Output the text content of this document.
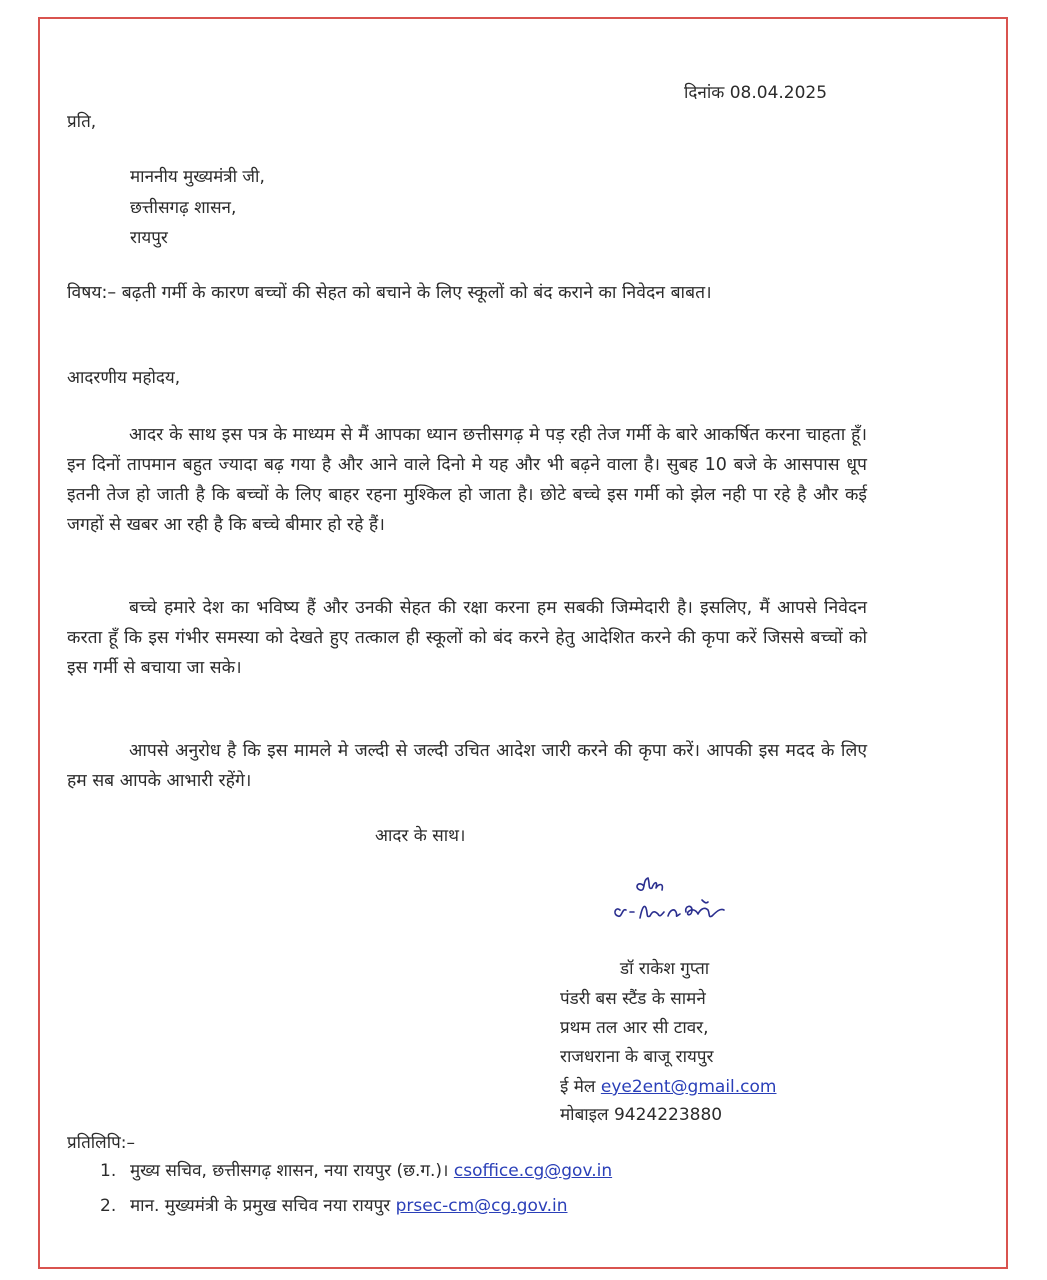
दिनांक 08.04.2025
प्रति,
माननीय मुख्यमंत्री जी,
छत्तीसगढ़ शासन,
रायपुर
विषय:– बढ़ती गर्मी के कारण बच्चों की सेहत को बचाने के लिए स्कूलों को बंद कराने का निवेदन बाबत।
आदरणीय महोदय,
आदर के साथ इस पत्र के माध्यम से मैं आपका ध्यान छत्तीसगढ़ मे पड़ रही तेज गर्मी के बारे आकर्षित करना चाहता हूँ। इन दिनों तापमान बहुत ज्यादा बढ़ गया है और आने वाले दिनो मे यह और भी बढ़ने वाला है। सुबह 10 बजे के आसपास धूप इतनी तेज हो जाती है कि बच्चों के लिए बाहर रहना मुश्किल हो जाता है। छोटे बच्चे इस गर्मी को झेल नही पा रहे है और कई जगहों से खबर आ रही है कि बच्चे बीमार हो रहे हैं।
बच्चे हमारे देश का भविष्य हैं और उनकी सेहत की रक्षा करना हम सबकी जिम्मेदारी है। इसलिए, मैं आपसे निवेदन करता हूँ कि इस गंभीर समस्या को देखते हुए तत्काल ही स्कूलों को बंद करने हेतु आदेशित करने की कृपा करें जिससे बच्चों को इस गर्मी से बचाया जा सके।
आपसे अनुरोध है कि इस मामले मे जल्दी से जल्दी उचित आदेश जारी करने की कृपा करें। आपकी इस मदद के लिए हम सब आपके आभारी रहेंगे।
आदर के साथ।
डॉ राकेश गुप्ता
पंडरी बस स्टैंड के सामने
प्रथम तल आर सी टावर,
राजधराना के बाजू रायपुर
ई मेल eye2ent@gmail.com
मोबाइल 9424223880
प्रतिलिपि:–
1. मुख्य सचिव, छत्तीसगढ़ शासन, नया रायपुर (छ.ग.)। csoffice.cg@gov.in
2. मान. मुख्यमंत्री के प्रमुख सचिव नया रायपुर prsec-cm@cg.gov.in
